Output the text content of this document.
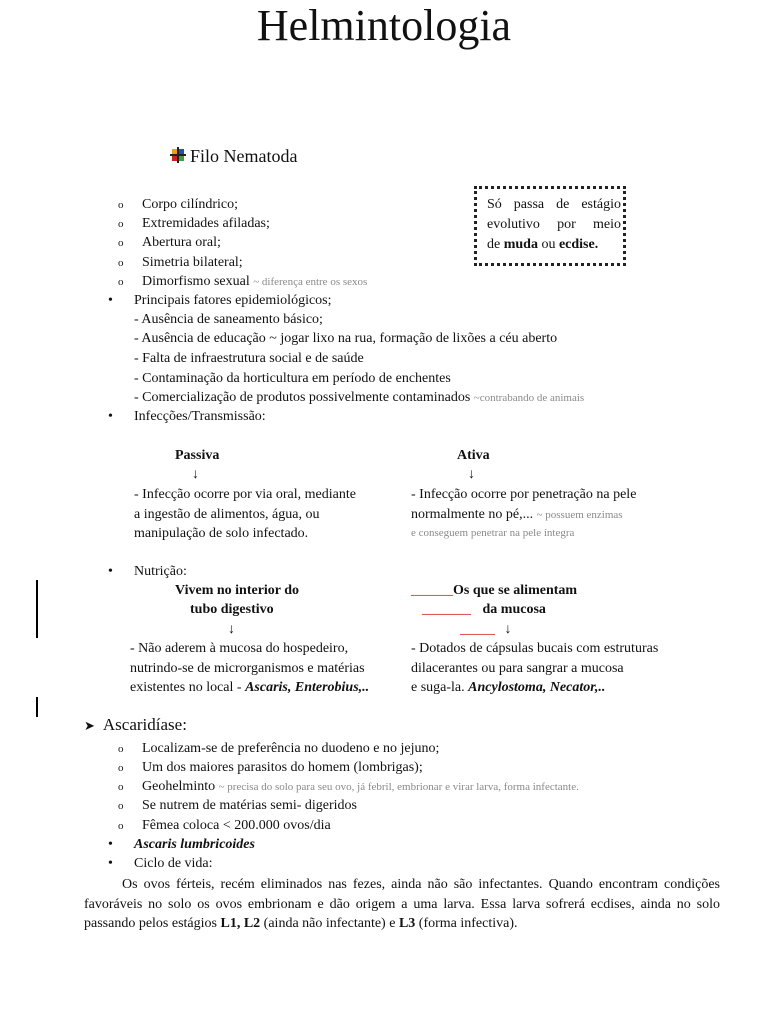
Helmintologia
Filo Nematoda
o Corpo cilíndrico;
o Extremidades afiladas;
o Abertura oral;
o Simetria bilateral;
o Dimorfismo sexual ~ diferença entre os sexos
Só passa de estágio
evolutivo por meio
de muda ou ecdise.
• Principais fatores epidemiológicos;
- Ausência de saneamento básico;
- Ausência de educação ~ jogar lixo na rua, formação de lixões a céu aberto
- Falta de infraestrutura social e de saúde
- Contaminação da horticultura em período de enchentes
- Comercialização de produtos possivelmente contaminados ~contrabando de animais
• Infecções/Transmissão:
Passiva
↓
- Infecção ocorre por via oral, mediante
a ingestão de alimentos, água, ou
manipulação de solo infectado.
Ativa
↓
- Infecção ocorre por penetração na pele
normalmente no pé,... ~ possuem enzimas
e conseguem penetrar na pele íntegra
• Nutrição:
Vivem no interior do
tubo digestivo
↓
- Não aderem à mucosa do hospedeiro,
nutrindo-se de microrganismos e matérias
existentes no local - Ascaris, Enterobius,..
______Os que se alimentam
_______ da mucosa
_____ ↓
- Dotados de cápsulas bucais com estruturas
dilacerantes ou para sangrar a mucosa
e suga-la. Ancylostoma, Necator,..
➤ Ascaridíase:
o Localizam-se de preferência no duodeno e no jejuno;
o Um dos maiores parasitos do homem (lombrigas);
o Geohelminto ~ precisa do solo para seu ovo, já febril, embrionar e virar larva, forma infectante.
o Se nutrem de matérias semi- digeridos
o Fêmea coloca < 200.000 ovos/dia
• Ascaris lumbricoides
• Ciclo de vida:
Os ovos férteis, recém eliminados nas fezes, ainda não são infectantes. Quando encontram condições favoráveis no solo os ovos embrionam e dão origem a uma larva. Essa larva sofrerá ecdises, ainda no solo passando pelos estágios L1, L2 (ainda não infectante) e L3 (forma infectiva).
